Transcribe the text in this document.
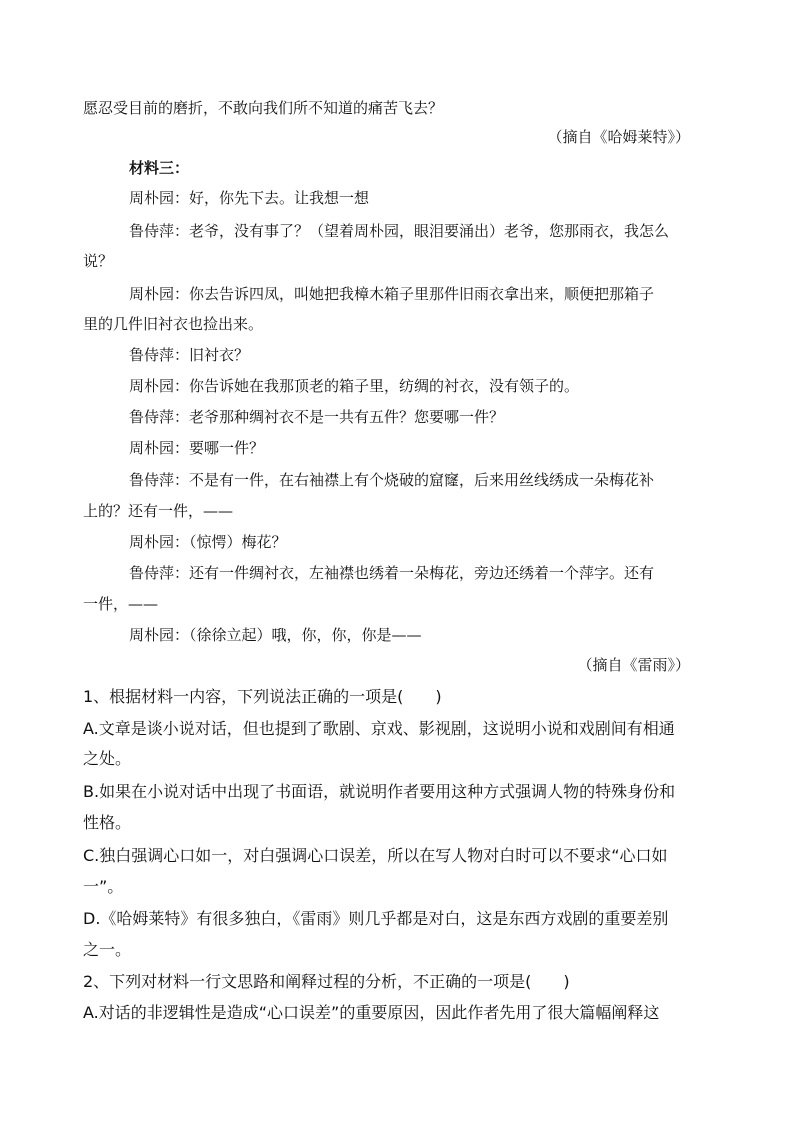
愿忍受目前的磨折，不敢向我们所不知道的痛苦飞去？
（摘自《哈姆莱特》）
材料三：
周朴园：好，你先下去。让我想一想
鲁侍萍：老爷，没有事了？（望着周朴园，眼泪要涌出）老爷，您那雨衣，我怎么
说？
周朴园：你去告诉四凤，叫她把我樟木箱子里那件旧雨衣拿出来，顺便把那箱子
里的几件旧衬衣也捡出来。
鲁侍萍：旧衬衣？
周朴园：你告诉她在我那顶老的箱子里，纺绸的衬衣，没有领子的。
鲁侍萍：老爷那种绸衬衣不是一共有五件？您要哪一件？
周朴园：要哪一件？
鲁侍萍：不是有一件，在右袖襟上有个烧破的窟窿，后来用丝线绣成一朵梅花补
上的？还有一件，——
周朴园：（惊愕）梅花？
鲁侍萍：还有一件绸衬衣，左袖襟也绣着一朵梅花，旁边还绣着一个萍字。还有
一件，——
周朴园：（徐徐立起）哦，你，你，你是——
（摘自《雷雨》）
1、根据材料一内容，下列说法正确的一项是(　　)
A.文章是谈小说对话，但也提到了歌剧、京戏、影视剧，这说明小说和戏剧间有相通
之处。
B.如果在小说对话中出现了书面语，就说明作者要用这种方式强调人物的特殊身份和
性格。
C.独白强调心口如一，对白强调心口误差，所以在写人物对白时可以不要求“心口如
一”。
D.《哈姆莱特》有很多独白，《雷雨》则几乎都是对白，这是东西方戏剧的重要差别
之一。
2、下列对材料一行文思路和阐释过程的分析，不正确的一项是(　　)
A.对话的非逻辑性是造成“心口误差”的重要原因，因此作者先用了很大篇幅阐释这
